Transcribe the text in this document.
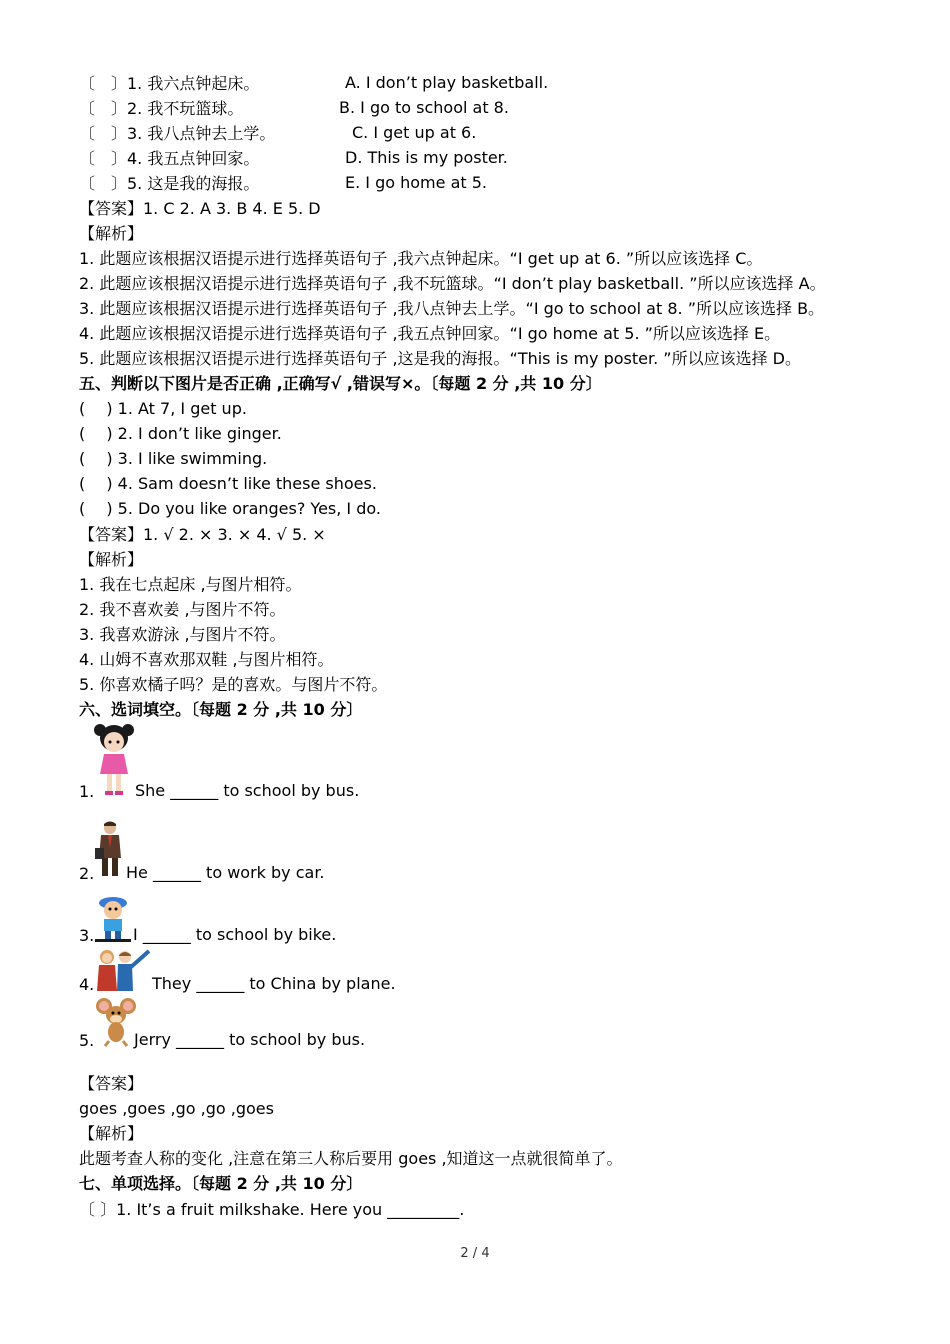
〔　〕1. 我六点钟起床。	A. I don’t play basketball.
〔　〕2. 我不玩篮球。	B. I go to school at 8.
〔　〕3. 我八点钟去上学。	C. I get up at 6.
〔　〕4. 我五点钟回家。	D. This is my poster.
〔　〕5. 这是我的海报。	E. I go home at 5.
【答案】1. C 2. A 3. B 4. E 5. D
【解析】
1. 此题应该根据汉语提示进行选择英语句子 ,我六点钟起床。“I get up at 6. ”所以应该选择 C。
2. 此题应该根据汉语提示进行选择英语句子 ,我不玩篮球。“I don’t play basketball. ”所以应该选择 A。
3. 此题应该根据汉语提示进行选择英语句子 ,我八点钟去上学。“I go to school at 8. ”所以应该选择 B。
4. 此题应该根据汉语提示进行选择英语句子 ,我五点钟回家。“I go home at 5. ”所以应该选择 E。
5. 此题应该根据汉语提示进行选择英语句子 ,这是我的海报。“This is my poster. ”所以应该选择 D。
五、判断以下图片是否正确 ,正确写√ ,错误写×。〔每题 2 分 ,共 10 分〕
(　 ) 1. At 7, I get up.
(　 ) 2. I don’t like ginger.
(　 ) 3. I like swimming.
(　 ) 4. Sam doesn’t like these shoes.
(　 ) 5. Do you like oranges? Yes, I do.
【答案】1. √ 2. × 3. × 4. √ 5. ×
【解析】
1. 我在七点起床 ,与图片相符。
2. 我不喜欢姜 ,与图片不符。
3. 我喜欢游泳 ,与图片不符。
4. 山姆不喜欢那双鞋 ,与图片相符。
5. 你喜欢橘子吗？是的喜欢。与图片不符。
六、选词填空。〔每题 2 分 ,共 10 分〕
1.	She ______ to school by bus.
2. He ______ to work by car.
3. I ______ to school by bike.
4.	They ______ to China by plane.
5. Jerry ______ to school by bus.
【答案】
goes ,goes ,go ,go ,goes
【解析】
此题考查人称的变化 ,注意在第三人称后要用 goes ,知道这一点就很简单了。
七、单项选择。〔每题 2 分 ,共 10 分〕
〔 〕1. It’s a fruit milkshake. Here you _________.
2 / 4
